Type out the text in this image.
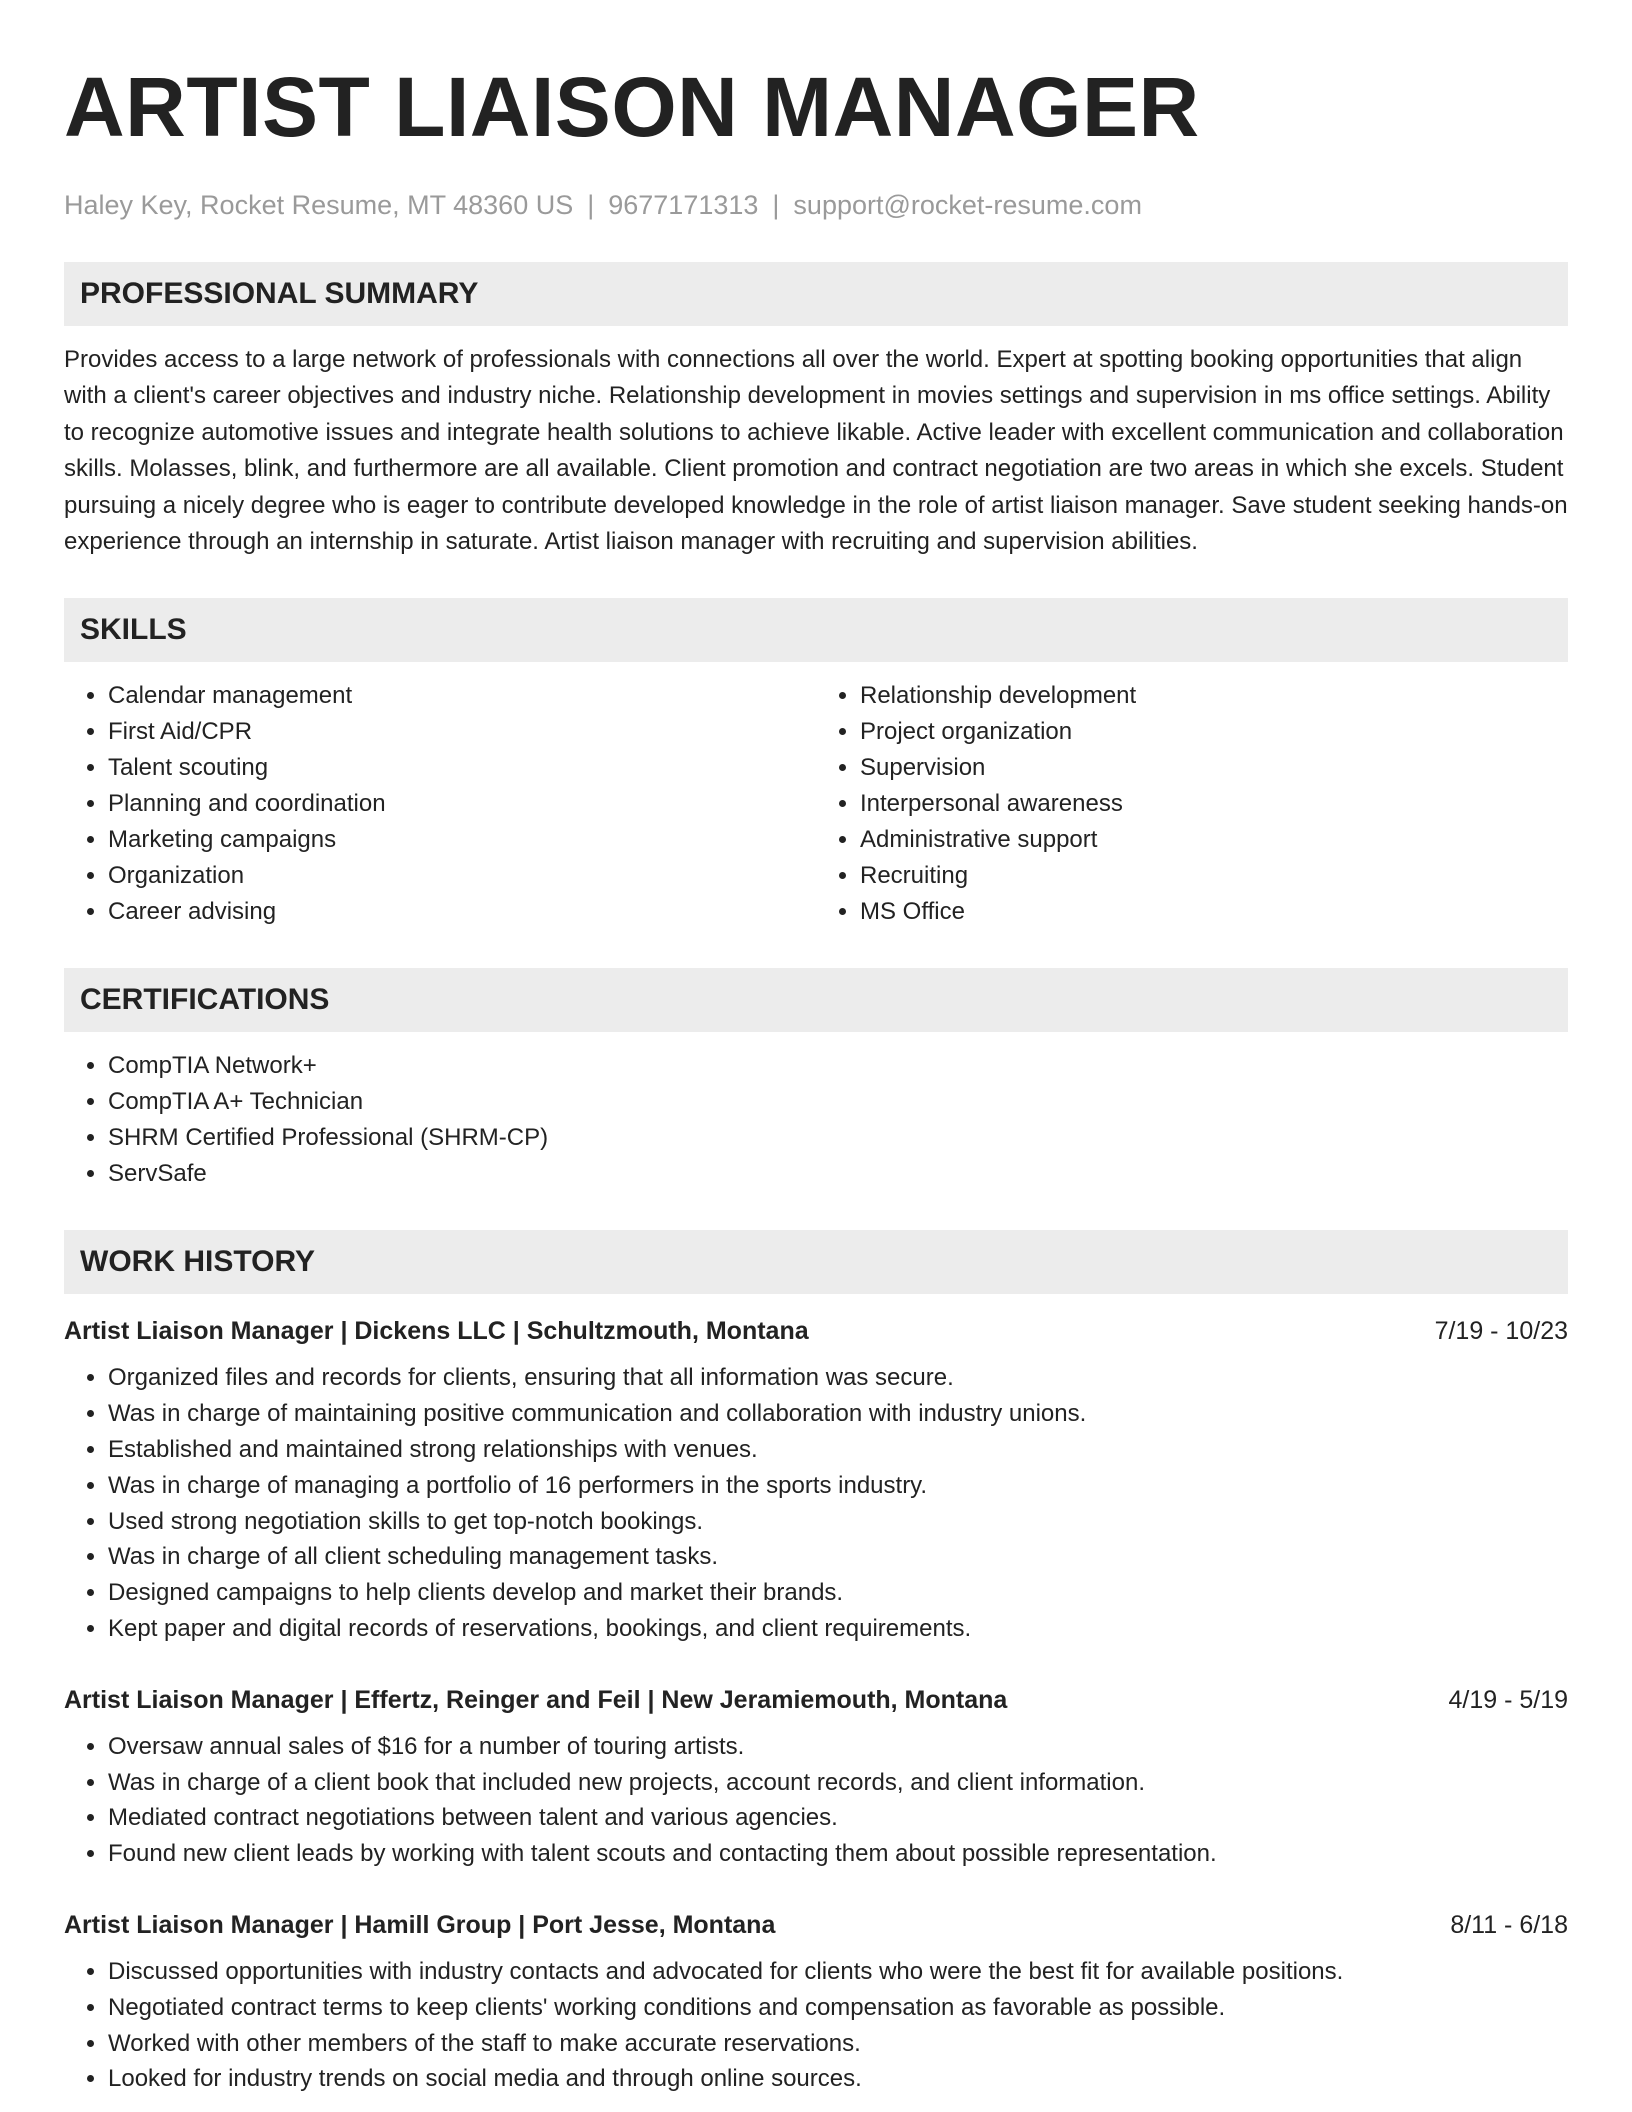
ARTIST LIAISON MANAGER
Haley Key, Rocket Resume, MT 48360 US | 9677171313 | support@rocket-resume.com
PROFESSIONAL SUMMARY

Provides access to a large network of professionals with connections all over the world. Expert at spotting booking opportunities that align with a client's career objectives and industry niche. Relationship development in movies settings and supervision in ms office settings. Ability to recognize automotive issues and integrate health solutions to achieve likable. Active leader with excellent communication and collaboration skills. Molasses, blink, and furthermore are all available. Client promotion and contract negotiation are two areas in which she excels. Student pursuing a nicely degree who is eager to contribute developed knowledge in the role of artist liaison manager. Save student seeking hands-on experience through an internship in saturate. Artist liaison manager with recruiting and supervision abilities.

SKILLS
• Calendar management
• First Aid/CPR
• Talent scouting
• Planning and coordination
• Marketing campaigns
• Organization
• Career advising
• Relationship development
• Project organization
• Supervision
• Interpersonal awareness
• Administrative support
• Recruiting
• MS Office
CERTIFICATIONS
• CompTIA Network+
• CompTIA A+ Technician
• SHRM Certified Professional (SHRM-CP)
• ServSafe
WORK HISTORY
Artist Liaison Manager | Dickens LLC | Schultzmouth, Montana	7/19 - 10/23
• Organized files and records for clients, ensuring that all information was secure.
• Was in charge of maintaining positive communication and collaboration with industry unions.
• Established and maintained strong relationships with venues.
• Was in charge of managing a portfolio of 16 performers in the sports industry.
• Used strong negotiation skills to get top-notch bookings.
• Was in charge of all client scheduling management tasks.
• Designed campaigns to help clients develop and market their brands.
• Kept paper and digital records of reservations, bookings, and client requirements.
Artist Liaison Manager | Effertz, Reinger and Feil | New Jeramiemouth, Montana	4/19 - 5/19
• Oversaw annual sales of $16 for a number of touring artists.
• Was in charge of a client book that included new projects, account records, and client information.
• Mediated contract negotiations between talent and various agencies.
• Found new client leads by working with talent scouts and contacting them about possible representation.
Artist Liaison Manager | Hamill Group | Port Jesse, Montana	8/11 - 6/18
• Discussed opportunities with industry contacts and advocated for clients who were the best fit for available positions.
• Negotiated contract terms to keep clients' working conditions and compensation as favorable as possible.
• Worked with other members of the staff to make accurate reservations.
• Looked for industry trends on social media and through online sources.
